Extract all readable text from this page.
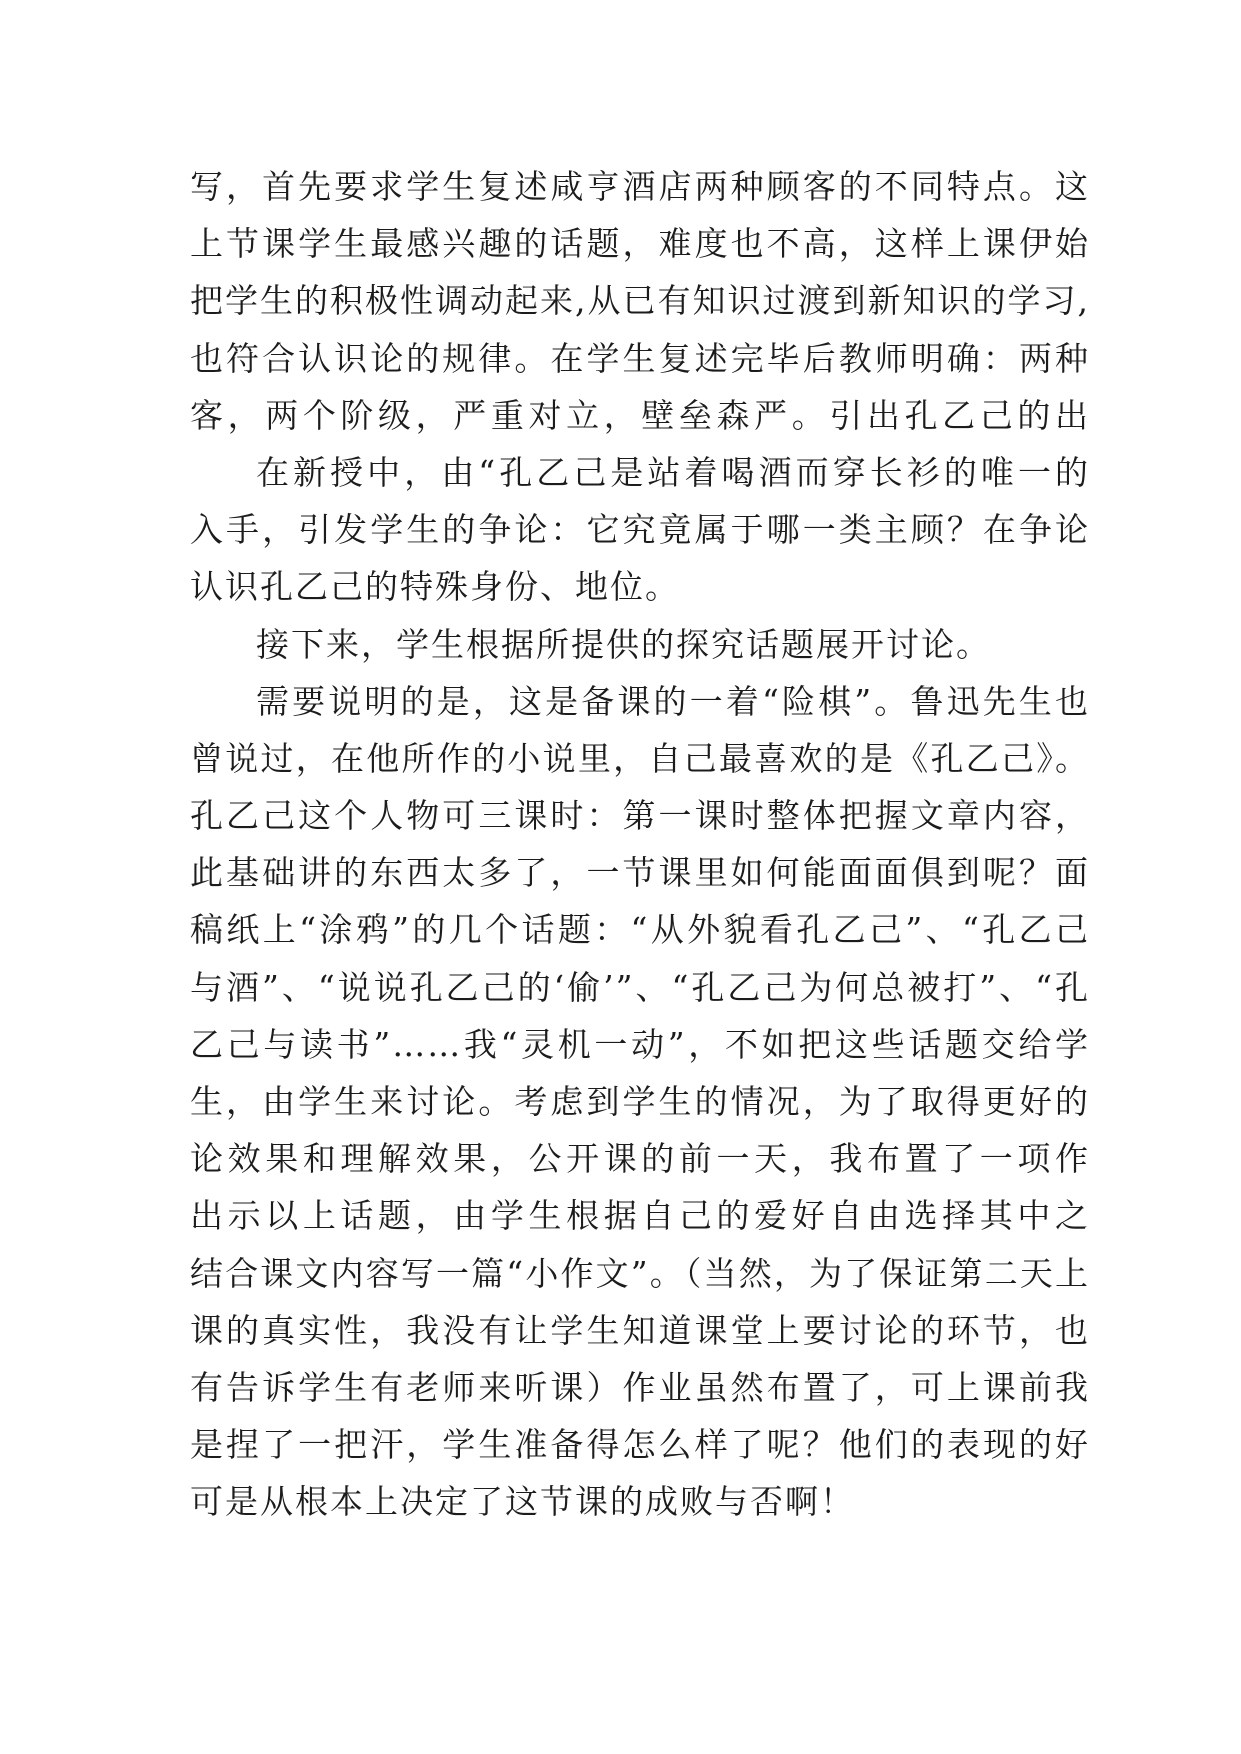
写，首先要求学生复述咸亨酒店两种顾客的不同特点。这
上节课学生最感兴趣的话题，难度也不高，这样上课伊始
把学生的积极性调动起来,从已有知识过渡到新知识的学习,
也符合认识论的规律。在学生复述完毕后教师明确：两种
客，两个阶级，严重对立，壁垒森严。引出孔乙己的出
在新授中，由“孔乙己是站着喝酒而穿长衫的唯一的
入手，引发学生的争论：它究竟属于哪一类主顾？在争论
认识孔乙己的特殊身份、地位。
接下来，学生根据所提供的探究话题展开讨论。
需要说明的是，这是备课的一着“险棋”。鲁迅先生也
曾说过，在他所作的小说里，自己最喜欢的是《孔乙己》。
孔乙己这个人物可三课时：第一课时整体把握文章内容，
此基础讲的东西太多了，一节课里如何能面面俱到呢？面
稿纸上“涂鸦”的几个话题：“从外貌看孔乙己”、“孔乙己
与酒”、“说说孔乙己的‘偷’”、“孔乙己为何总被打”、“孔
乙己与读书”……我“灵机一动”，不如把这些话题交给学
生，由学生来讨论。考虑到学生的情况，为了取得更好的
论效果和理解效果，公开课的前一天，我布置了一项作
出示以上话题，由学生根据自己的爱好自由选择其中之
结合课文内容写一篇“小作文”。（当然，为了保证第二天上
课的真实性，我没有让学生知道课堂上要讨论的环节，也
有告诉学生有老师来听课）作业虽然布置了，可上课前我
是捏了一把汗，学生准备得怎么样了呢？他们的表现的好
可是从根本上决定了这节课的成败与否啊！
